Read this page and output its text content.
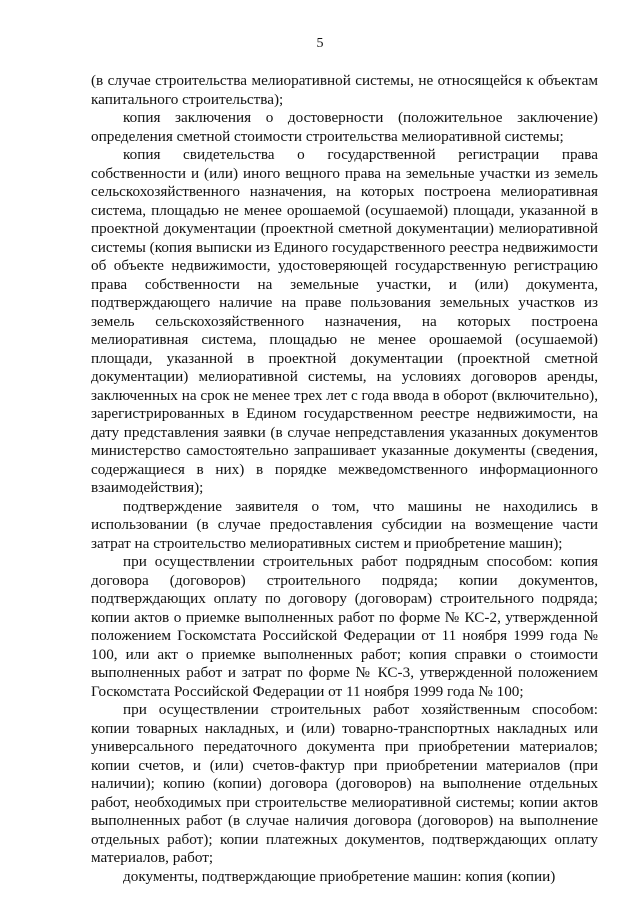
5

(в случае строительства мелиоративной системы, не относящейся к объектам капитального строительства);

копия заключения о достоверности (положительное заключение) определения сметной стоимости строительства мелиоративной системы;

копия свидетельства о государственной регистрации права собственности и (или) иного вещного права на земельные участки из земель сельскохозяйственного назначения, на которых построена мелиоративная система, площадью не менее орошаемой (осушаемой) площади, указанной в проектной документации (проектной сметной документации) мелиоративной системы (копия выписки из Единого государственного реестра недвижимости об объекте недвижимости, удостоверяющей государственную регистрацию права собственности на земельные участки, и (или) документа, подтверждающего наличие на праве пользования земельных участков из земель сельскохозяйственного назначения, на которых построена мелиоративная система, площадью не менее орошаемой (осушаемой) площади, указанной в проектной документации (проектной сметной документации) мелиоративной системы, на условиях договоров аренды, заключенных на срок не менее трех лет с года ввода в оборот (включительно), зарегистрированных в Едином государственном реестре недвижимости, на дату представления заявки (в случае непредставления указанных документов министерство самостоятельно запрашивает указанные документы (сведения, содержащиеся в них) в порядке межведомственного информационного взаимодействия);

подтверждение заявителя о том, что машины не находились в использовании (в случае предоставления субсидии на возмещение части затрат на строительство мелиоративных систем и приобретение машин);

при осуществлении строительных работ подрядным способом: копия договора (договоров) строительного подряда; копии документов, подтверждающих оплату по договору (договорам) строительного подряда; копии актов о приемке выполненных работ по форме № КС-2, утвержденной положением Госкомстата Российской Федерации от 11 ноября 1999 года № 100, или акт о приемке выполненных работ; копия справки о стоимости выполненных работ и затрат по форме № КС-3, утвержденной положением Госкомстата Российской Федерации от 11 ноября 1999 года № 100;

при осуществлении строительных работ хозяйственным способом: копии товарных накладных, и (или) товарно-транспортных накладных или универсального передаточного документа при приобретении материалов; копии счетов, и (или) счетов-фактур при приобретении материалов (при наличии); копию (копии) договора (договоров) на выполнение отдельных работ, необходимых при строительстве мелиоративной системы; копии актов выполненных работ (в случае наличия договора (договоров) на выполнение отдельных работ); копии платежных документов, подтверждающих оплату материалов, работ;

документы, подтверждающие приобретение машин: копия (копии)
